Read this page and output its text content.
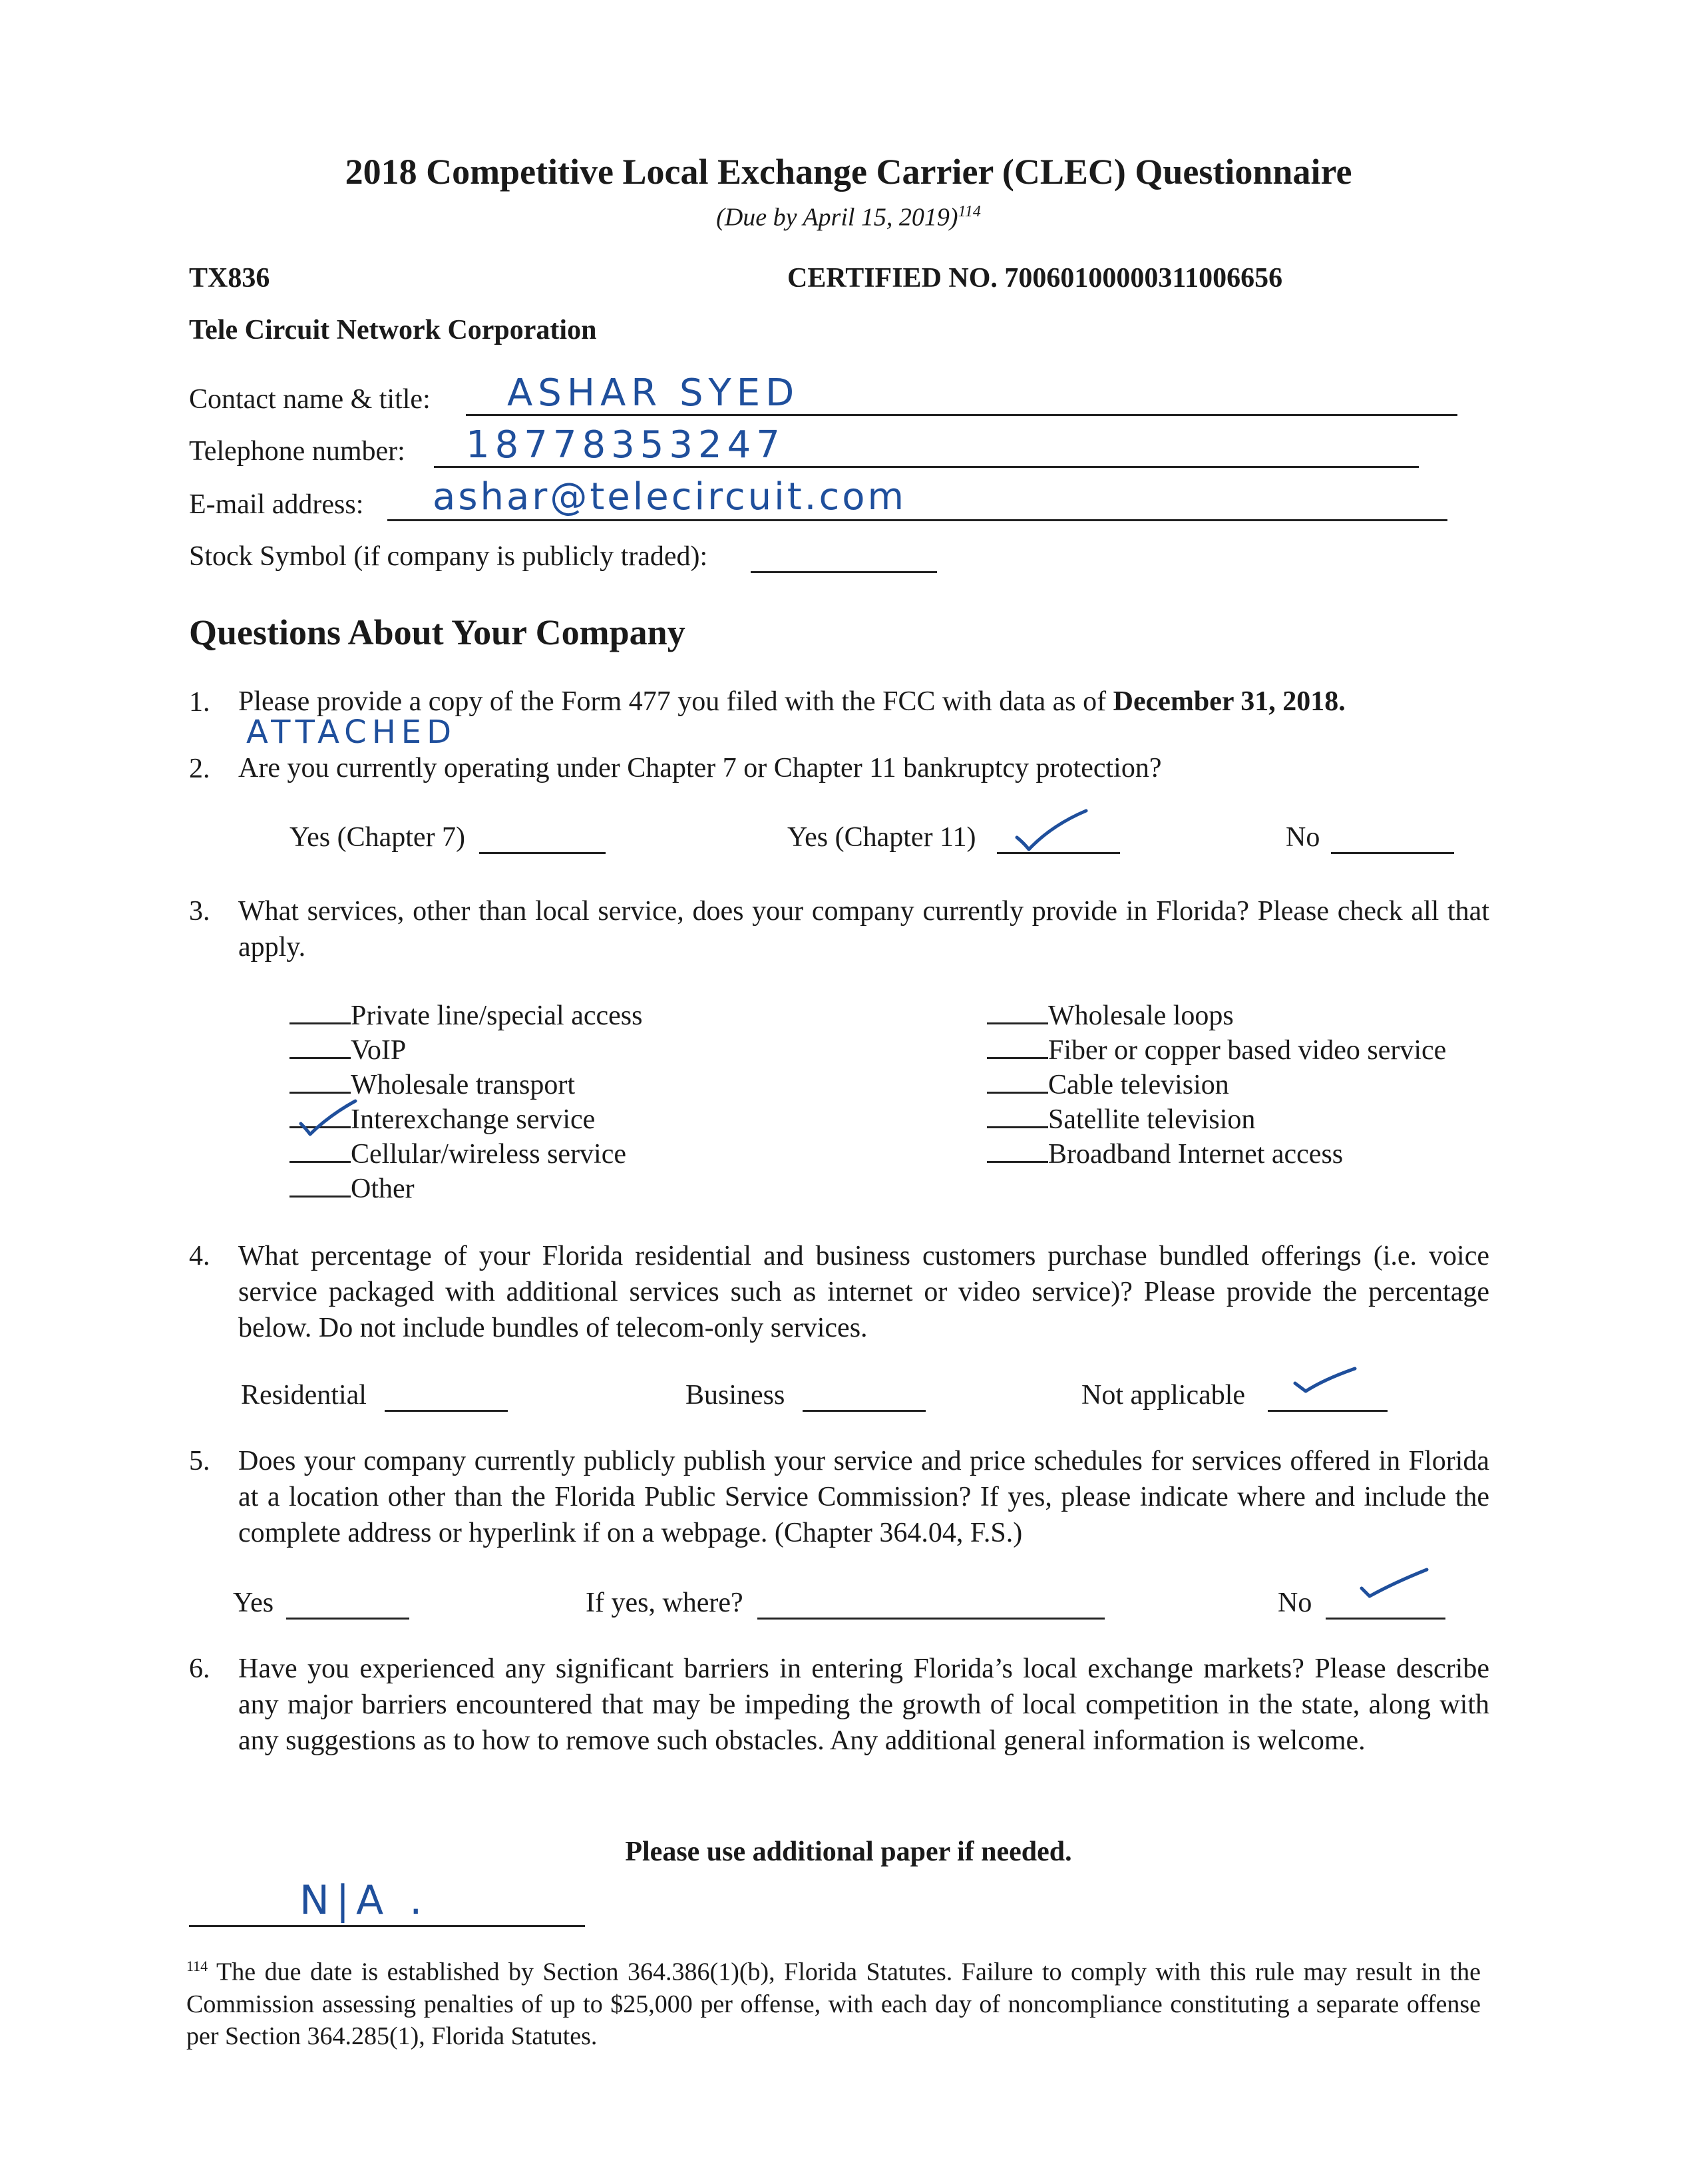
2018 Competitive Local Exchange Carrier (CLEC) Questionnaire
(Due by April 15, 2019)$^{114}$
TX836	CERTIFIED NO. 70060100000311006656
Tele Circuit Network Corporation
Contact name & title: ASHAR SYED
Telephone number: 18778353247
E-mail address: ashar@telecircuit.com
Stock Symbol (if company is publicly traded):
Questions About Your Company
1. Please provide a copy of the Form 477 you filed with the FCC with data as of December 31, 2018.
ATTACHED
2. Are you currently operating under Chapter 7 or Chapter 11 bankruptcy protection?
Yes (Chapter 7)	Yes (Chapter 11)	No
3. What services, other than local service, does your company currently provide in Florida? Please check all that apply.
Private line/special access
VoIP
Wholesale transport
Interexchange service
Cellular/wireless service
Other
Wholesale loops
Fiber or copper based video service
Cable television
Satellite television
Broadband Internet access
4. What percentage of your Florida residential and business customers purchase bundled offerings (i.e. voice service packaged with additional services such as internet or video service)? Please provide the percentage below. Do not include bundles of telecom-only services.
Residential	Business	Not applicable
5. Does your company currently publicly publish your service and price schedules for services offered in Florida at a location other than the Florida Public Service Commission? If yes, please indicate where and include the complete address or hyperlink if on a webpage. (Chapter 364.04, F.S.)
Yes	If yes, where?	No
6. Have you experienced any significant barriers in entering Florida’s local exchange markets? Please describe any major barriers encountered that may be impeding the growth of local competition in the state, along with any suggestions as to how to remove such obstacles. Any additional general information is welcome.
Please use additional paper if needed.
N|A .
$^{114}$ The due date is established by Section 364.386(1)(b), Florida Statutes. Failure to comply with this rule may result in the Commission assessing penalties of up to $25,000 per offense, with each day of noncompliance constituting a separate offense per Section 364.285(1), Florida Statutes.
